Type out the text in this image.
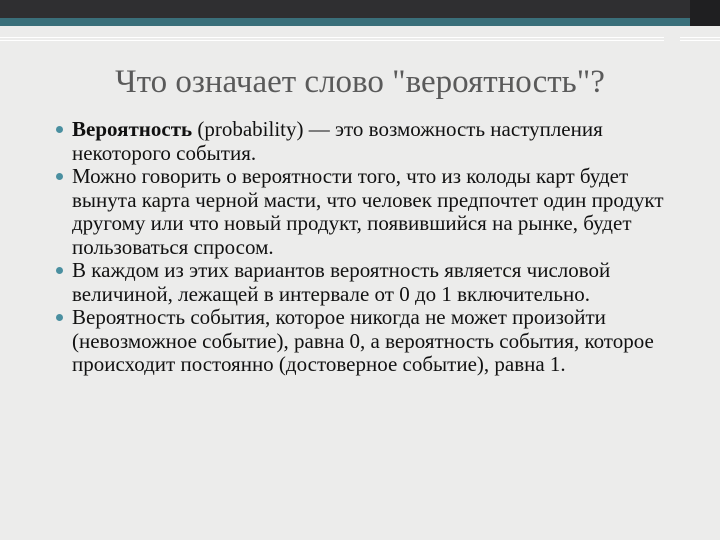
Что означает слово "вероятность"?
Вероятность (probability) — это возможность наступления некоторого события.
Можно говорить о вероятности того, что из колоды карт будет вынута карта черной масти, что человек предпочтет один продукт другому или что новый продукт, появившийся на рынке, будет пользоваться спросом.
В каждом из этих вариантов вероятность является числовой величиной, лежащей в интервале от 0 до 1 включительно.
Вероятность события, которое никогда не может произойти (невозможное событие), равна 0, а вероятность события, которое происходит постоянно (достоверное событие), равна 1.
